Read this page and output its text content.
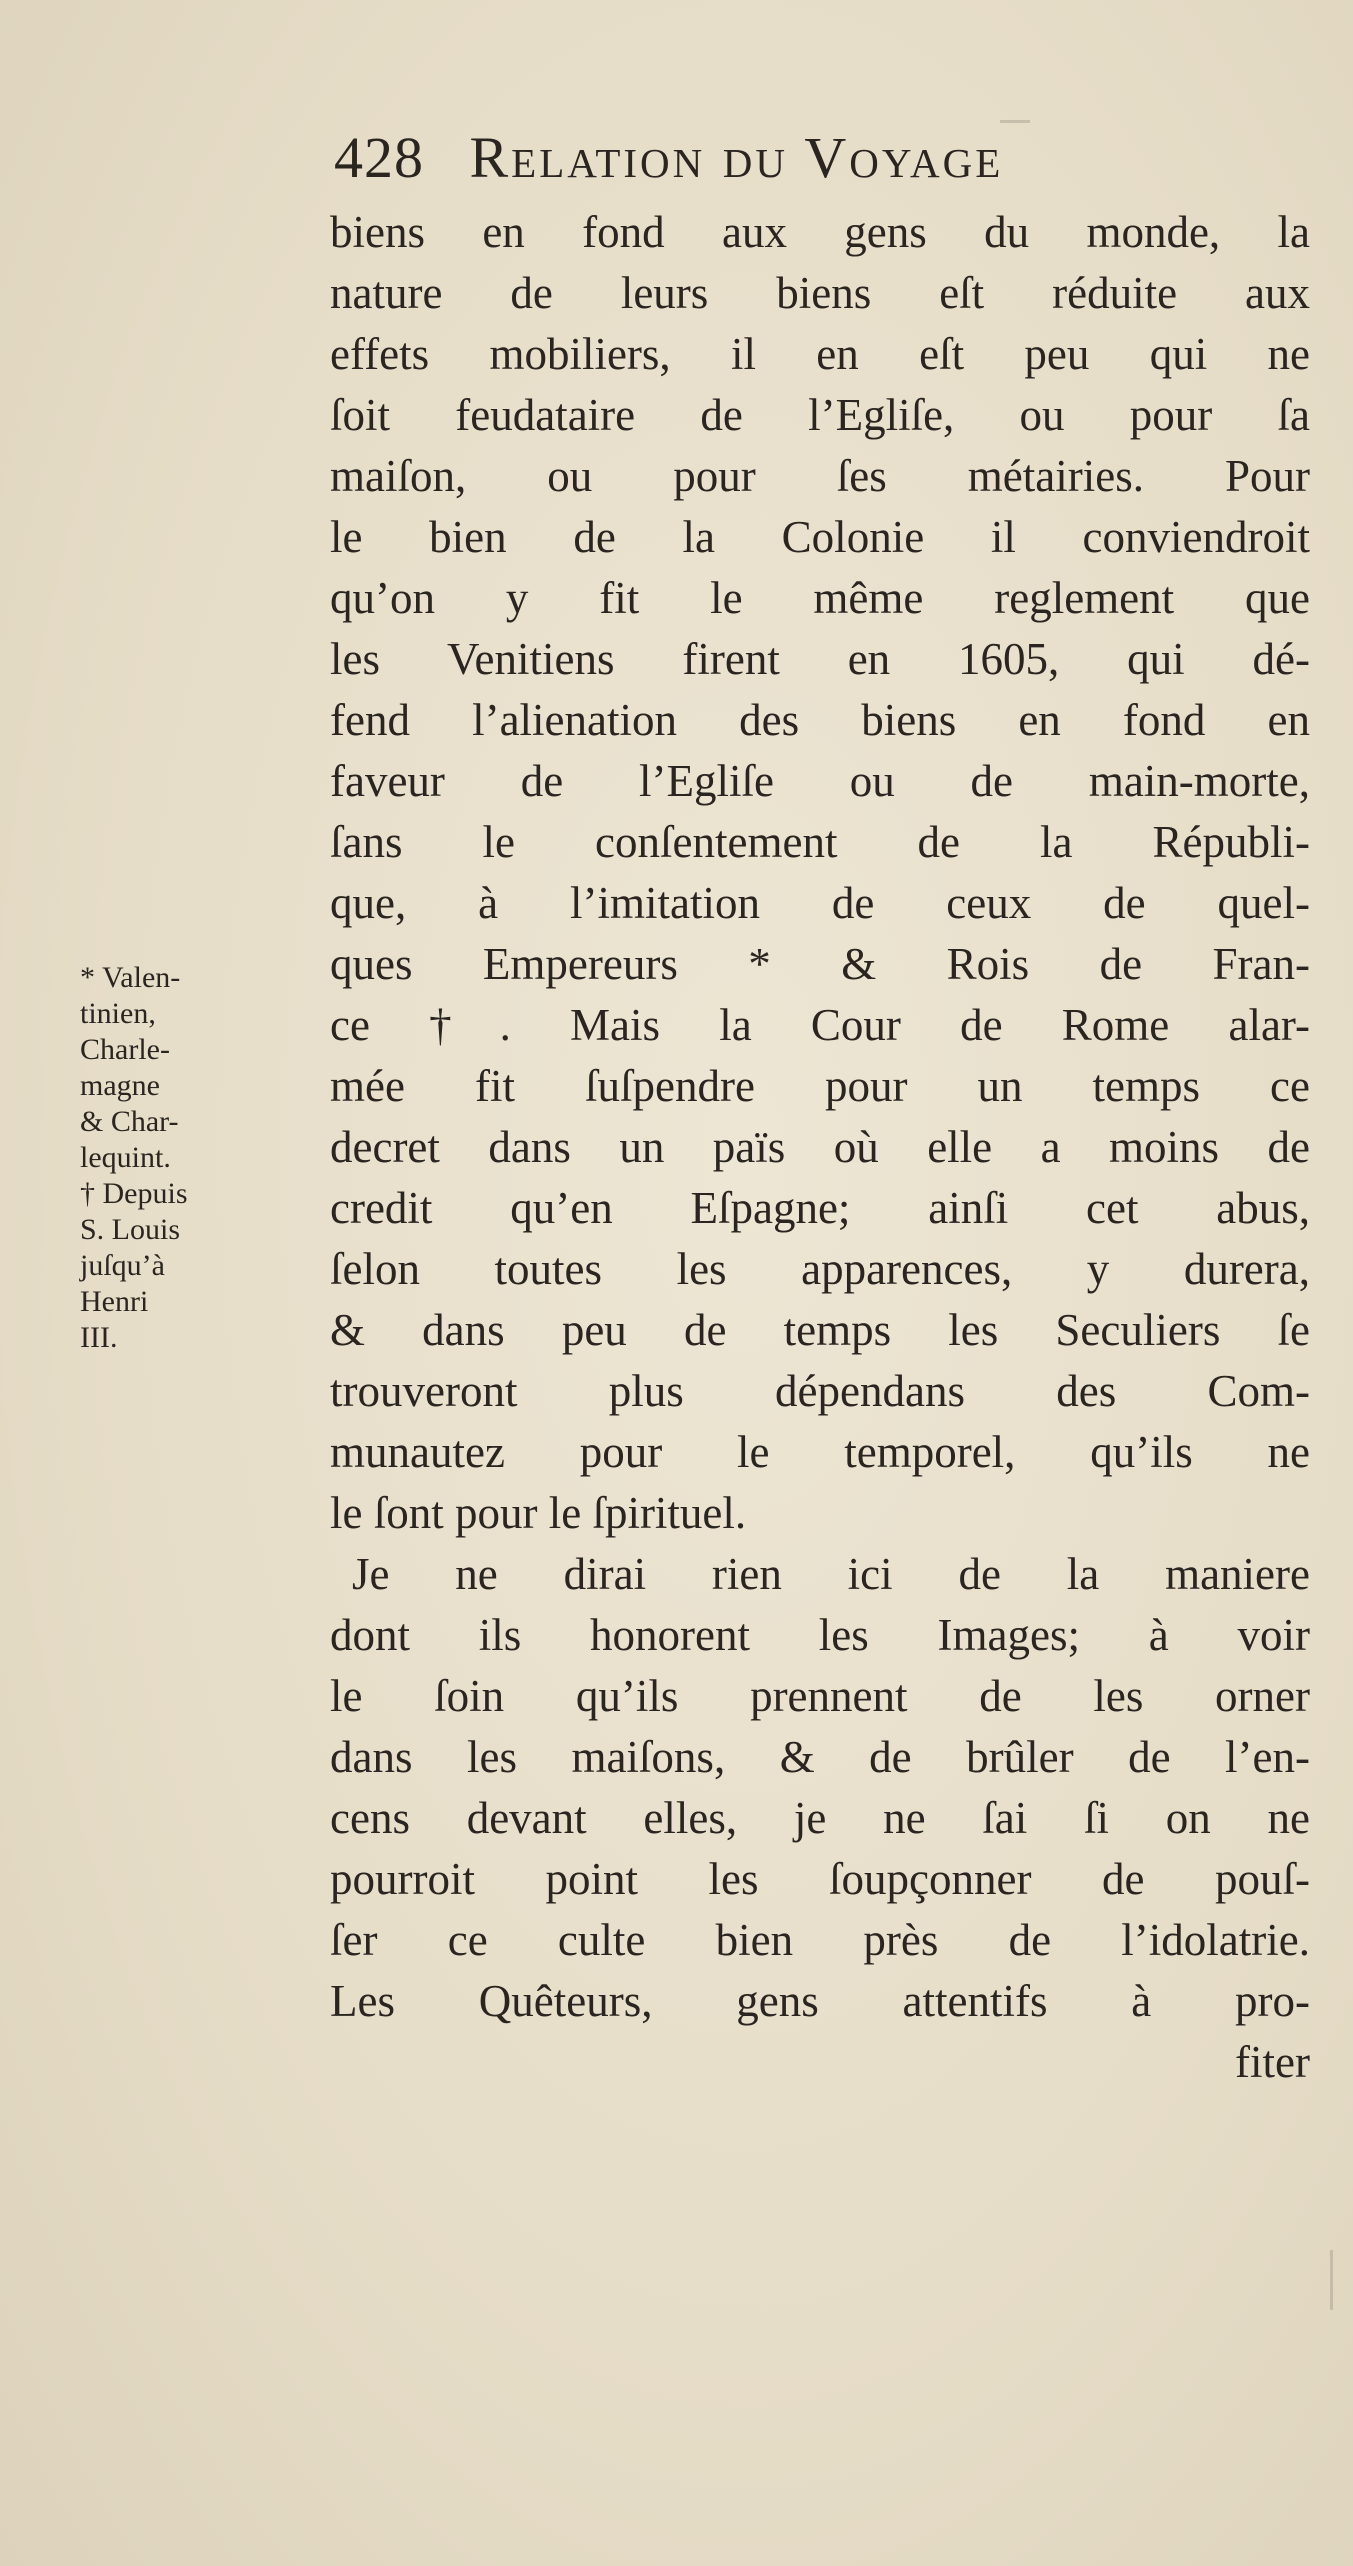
428 Relation du Voyage
biens en fond aux gens du monde, la
nature de leurs biens eſt réduite aux
effets mobiliers, il en eſt peu qui ne
ſoit feudataire de l’Egliſe, ou pour ſa
maiſon, ou pour ſes métairies. Pour
le bien de la Colonie il conviendroit
qu’on y fit le même reglement que
les Venitiens firent en 1605, qui dé-
fend l’alienation des biens en fond en
faveur de l’Egliſe ou de main-morte,
ſans le conſentement de la Républi-
que, à l’imitation de ceux de quel-
ques Empereurs * & Rois de Fran-
ce †. Mais la Cour de Rome alar-
mée fit ſuſpendre pour un temps ce
decret dans un païs où elle a moins de
credit qu’en Eſpagne; ainſi cet abus,
ſelon toutes les apparences, y durera,
& dans peu de temps les Seculiers ſe
trouveront plus dépendans des Com-
munautez pour le temporel, qu’ils ne
le ſont pour le ſpirituel.
Je ne dirai rien ici de la maniere
dont ils honorent les Images; à voir
le ſoin qu’ils prennent de les orner
dans les maiſons, & de brûler de l’en-
cens devant elles, je ne ſai ſi on ne
pourroit point les ſoupçonner de pouſ-
ſer ce culte bien près de l’idolatrie.
Les Quêteurs, gens attentifs à pro-
fiter
* Valen-
tinien,
Charle-
magne
& Char-
lequint.
† Depuis
S. Louis
juſqu’à
Henri
III.
